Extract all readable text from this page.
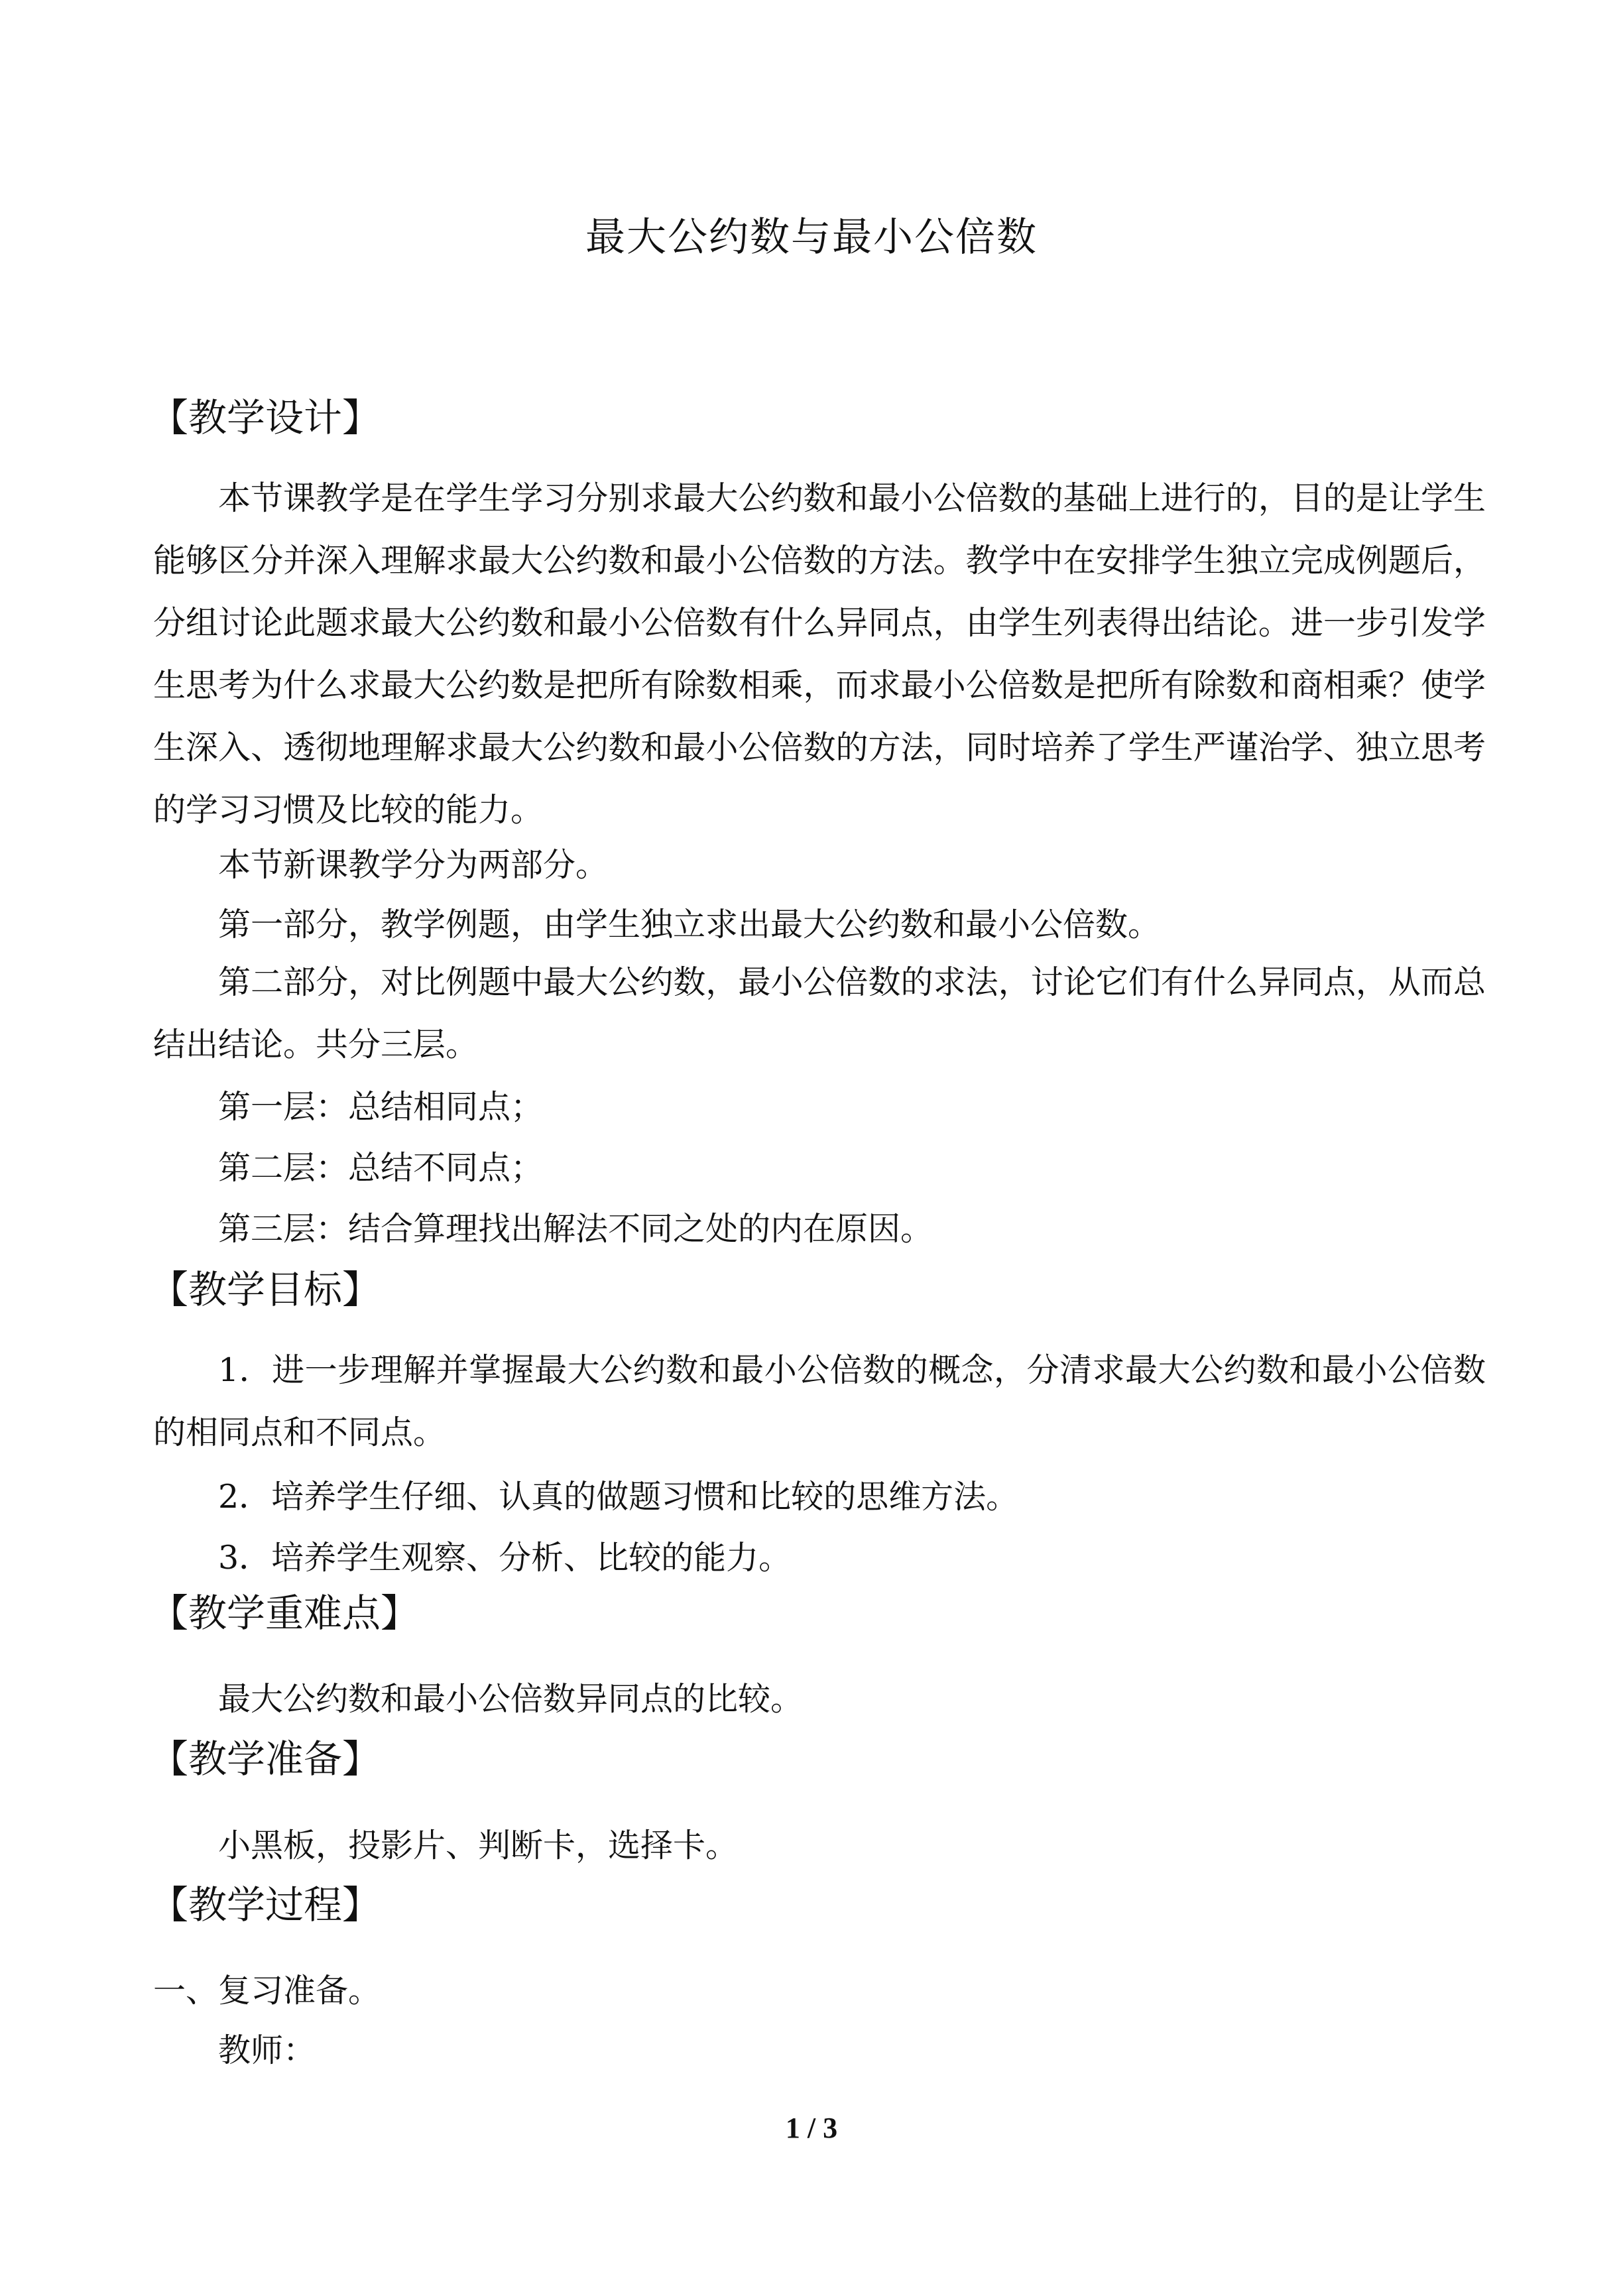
最大公约数与最小公倍数
【教学设计】

本节课教学是在学生学习分别求最大公约数和最小公倍数的基础上进行的，目的是让学生能够区分并深入理解求最大公约数和最小公倍数的方法。教学中在安排学生独立完成例题后，分组讨论此题求最大公约数和最小公倍数有什么异同点，由学生列表得出结论。进一步引发学生思考为什么求最大公约数是把所有除数相乘，而求最小公倍数是把所有除数和商相乘？使学生深入、透彻地理解求最大公约数和最小公倍数的方法，同时培养了学生严谨治学、独立思考的学习习惯及比较的能力。

本节新课教学分为两部分。
第一部分，教学例题，由学生独立求出最大公约数和最小公倍数。

第二部分，对比例题中最大公约数，最小公倍数的求法，讨论它们有什么异同点，从而总结出结论。共分三层。

第一层：总结相同点；
第二层：总结不同点；
第三层：结合算理找出解法不同之处的内在原因。
【教学目标】

1．进一步理解并掌握最大公约数和最小公倍数的概念，分清求最大公约数和最小公倍数的相同点和不同点。

2．培养学生仔细、认真的做题习惯和比较的思维方法。
3．培养学生观察、分析、比较的能力。
【教学重难点】
最大公约数和最小公倍数异同点的比较。
【教学准备】
小黑板，投影片、判断卡，选择卡。
【教学过程】
一、复习准备。
教师：
1 / 3
